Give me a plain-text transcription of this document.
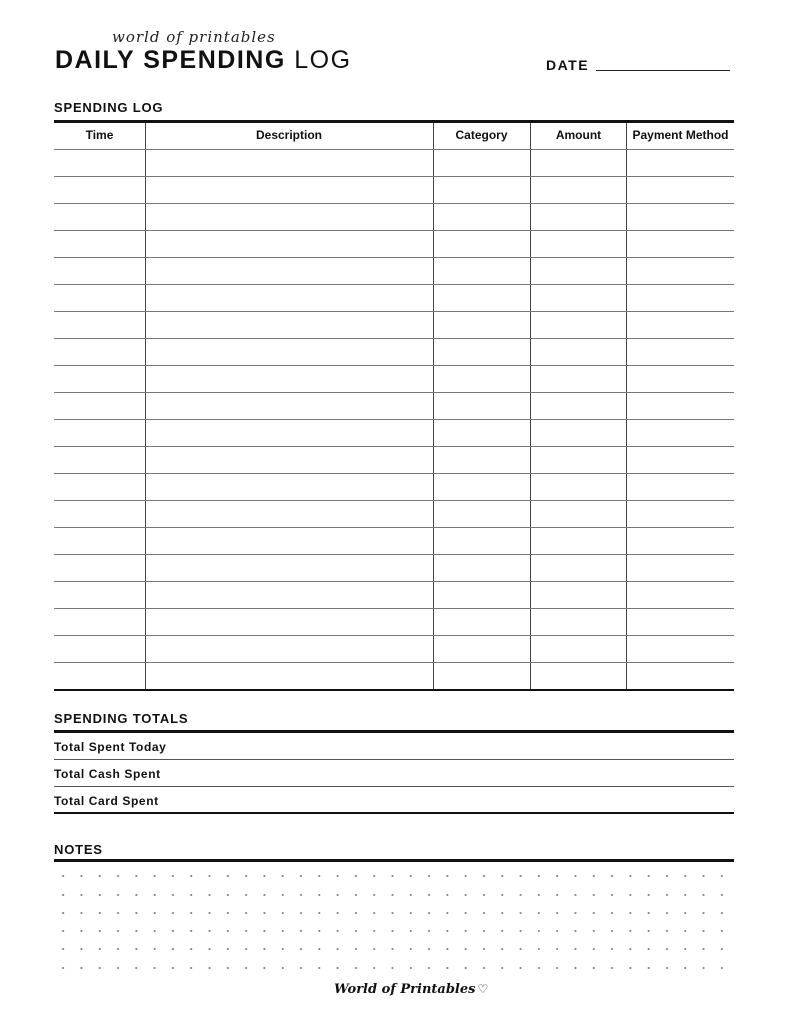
world of printables
DAILY SPENDING LOG	DATE
SPENDING LOG
Time	Description	Category	Amount	Payment Method
SPENDING TOTALS
Total Spent Today
Total Cash Spent
Total Card Spent
NOTES
World of Printables ♡
